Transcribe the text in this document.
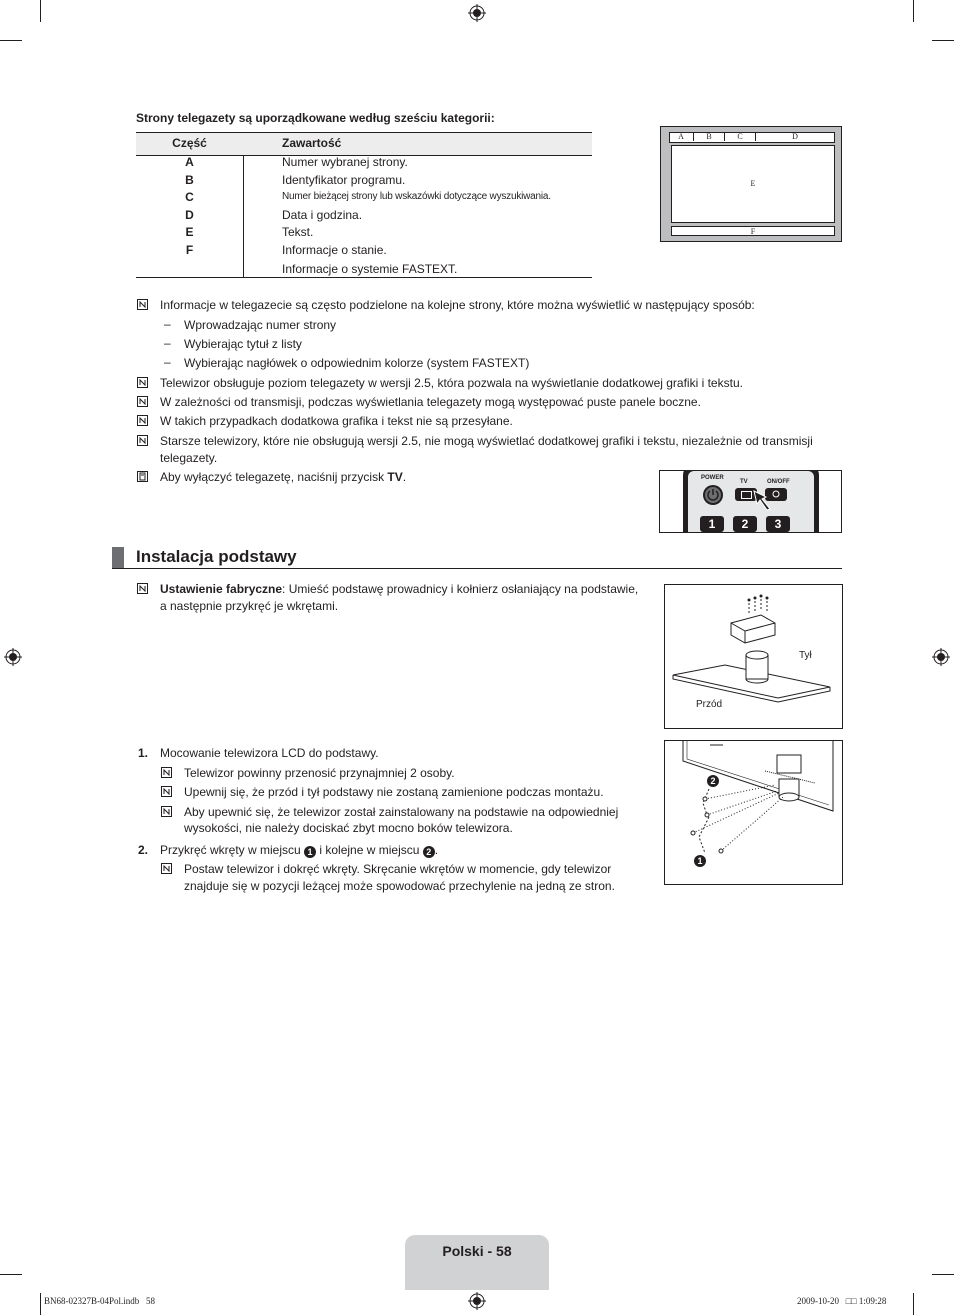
Strony telegazety są uporządkowane według sześciu kategorii:
Część	Zawartość
A	Numer wybranej strony.
B	Identyfikator programu.
C	Numer bieżącej strony lub wskazówki dotyczące wyszukiwania.
D	Data i godzina.
E	Tekst.
F	Informacje o stanie.
Informacje o systemie FASTEXT.
A	B	C	D
E
F
Informacje w telegazecie są często podzielone na kolejne strony, które można wyświetlić w następujący sposób:
– Wprowadzając numer strony
– Wybierając tytuł z listy
– Wybierając nagłówek o odpowiednim kolorze (system FASTEXT)
Telewizor obsługuje poziom telegazety w wersji 2.5, która pozwala na wyświetlanie dodatkowej grafiki i tekstu.
W zależności od transmisji, podczas wyświetlania telegazety mogą występować puste panele boczne.
W takich przypadkach dodatkowa grafika i tekst nie są przesyłane.
Starsze telewizory, które nie obsługują wersji 2.5, nie mogą wyświetlać dodatkowej grafiki i tekstu, niezależnie od transmisji
telegazety.
Aby wyłączyć telegazetę, naciśnij przycisk TV.	POWER
TV	ON/OFF
1	2	3
Instalacja podstawy
Ustawienie fabryczne: Umieść podstawę prowadnicy i kołnierz osłaniający na podstawie,
a następnie przykręć je wkrętami.
Tył
Przód
1. Mocowanie telewizora LCD do podstawy.
Telewizor powinny przenosić przynajmniej 2 osoby.
Upewnij się, że przód i tył podstawy nie zostaną zamienione podczas montażu.
Aby upewnić się, że telewizor został zainstalowany na podstawie na odpowiedniej
wysokości, nie należy dociskać zbyt mocno boków telewizora.
2. Przykręć wkręty w miejscu 1 i kolejne w miejscu 2 .
Postaw telewizor i dokręć wkręty. Skręcanie wkrętów w momencie, gdy telewizor
znajduje się w pozycji leżącej może spowodować przechylenie na jedną ze stron.
2
1
Polski - 58
BN68-02327B-04Pol.indb   58	2009-10-20   □□ 1:09:28
